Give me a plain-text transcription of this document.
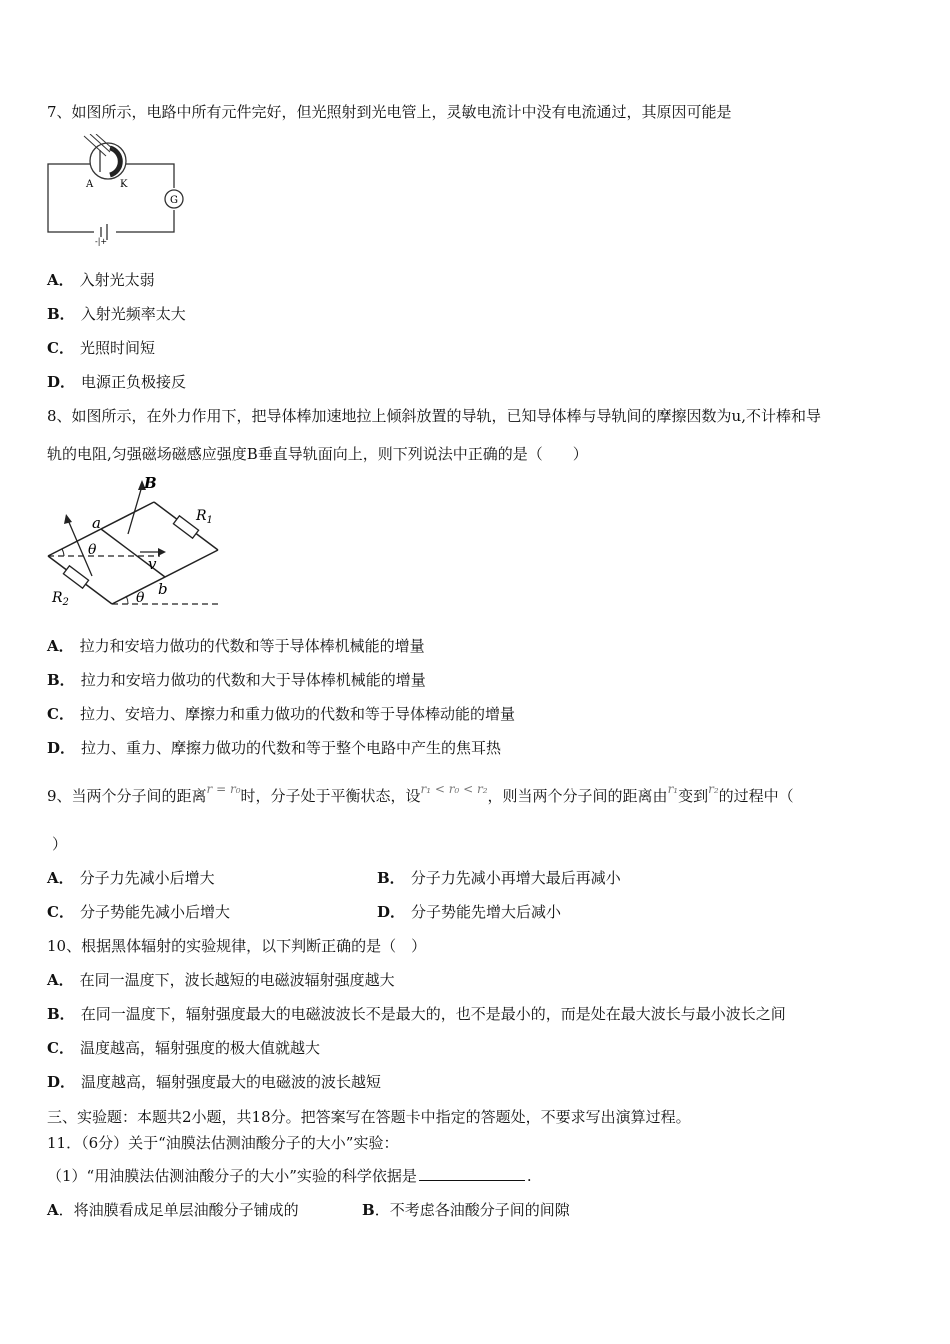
7、如图所示，电路中所有元件完好，但光照射到光电管上，灵敏电流计中没有电流通过，其原因可能是
G
A	K
-|+
A． 入射光太弱
B． 入射光频率太大
C． 光照时间短
D． 电源正负极接反
8、如图所示，在外力作用下，把导体棒加速地拉上倾斜放置的导轨，已知导体棒与导轨间的摩擦因数为u,不计棒和导
轨的电阻,匀强磁场磁感应强度B垂直导轨面向上，则下列说法中正确的是（　　）
B
$R_1$
$R_2$
a
b
v
θ
θ
A． 拉力和安培力做功的代数和等于导体棒机械能的增量
B． 拉力和安培力做功的代数和大于导体棒机械能的增量
C． 拉力、安培力、摩擦力和重力做功的代数和等于导体棒动能的增量
D． 拉力、重力、摩擦力做功的代数和等于整个电路中产生的焦耳热
9、当两个分子间的距离$^{r = r_0}$时，分子处于平衡状态，设$^{r_1 < r_0 < r_2}$，则当两个分子间的距离由$^{r_1}$变到$^{r_2}$的过程中（
）
A． 分子力先减小后增大	B． 分子力先减小再增大最后再减小
C． 分子势能先减小后增大	D． 分子势能先增大后减小
10、根据黑体辐射的实验规律，以下判断正确的是（　）
A． 在同一温度下，波长越短的电磁波辐射强度越大
B． 在同一温度下，辐射强度最大的电磁波波长不是最大的，也不是最小的，而是处在最大波长与最小波长之间
C． 温度越高，辐射强度的极大值就越大
D． 温度越高，辐射强度最大的电磁波的波长越短
三、实验题：本题共2小题，共18分。把答案写在答题卡中指定的答题处，不要求写出演算过程。
11．（6分）关于“油膜法估测油酸分子的大小”实验：
（1）“用油膜法估测油酸分子的大小”实验的科学依据是	.
A．将油膜看成足单层油酸分子铺成的	B．不考虑各油酸分子间的间隙
